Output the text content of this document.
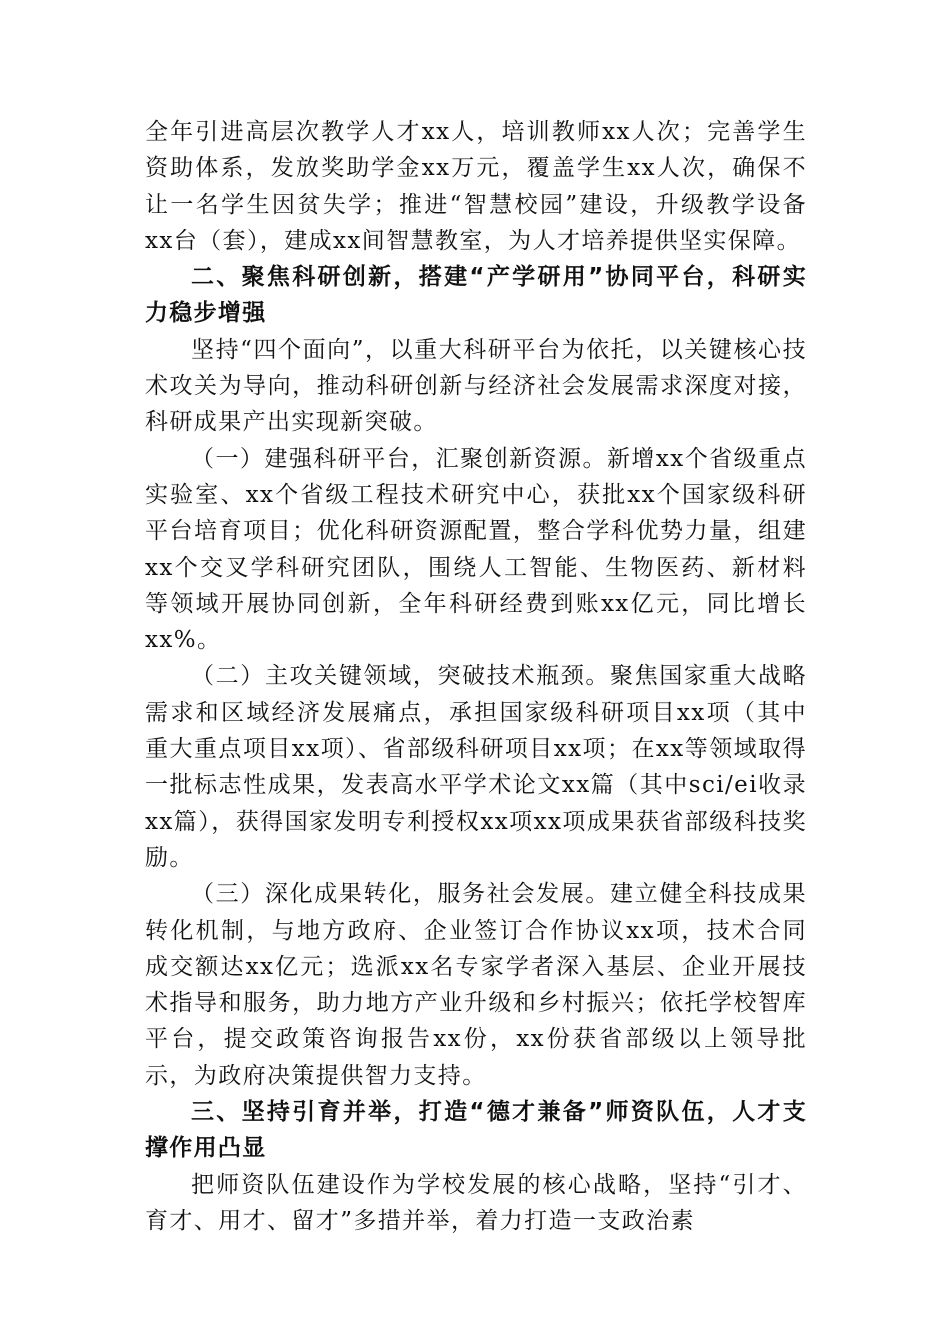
全年引进高层次教学人才xx人，培训教师xx人次；完善学生资助体系，发放奖助学金xx万元，覆盖学生xx人次，确保不让一名学生因贫失学；推进“智慧校园”建设，升级教学设备xx台（套），建成xx间智慧教室，为人才培养提供坚实保障。

二、聚焦科研创新，搭建“产学研用”协同平台，科研实力稳步增强

坚持“四个面向”，以重大科研平台为依托，以关键核心技术攻关为导向，推动科研创新与经济社会发展需求深度对接，科研成果产出实现新突破。

（一）建强科研平台，汇聚创新资源。新增xx个省级重点实验室、xx个省级工程技术研究中心，获批xx个国家级科研平台培育项目；优化科研资源配置，整合学科优势力量，组建xx个交叉学科研究团队，围绕人工智能、生物医药、新材料等领域开展协同创新，全年科研经费到账xx亿元，同比增长xx%。

（二）主攻关键领域，突破技术瓶颈。聚焦国家重大战略需求和区域经济发展痛点，承担国家级科研项目xx项（其中重大重点项目xx项）、省部级科研项目xx项；在xx等领域取得一批标志性成果，发表高水平学术论文xx篇（其中sci/ei收录xx篇），获得国家发明专利授权xx项xx项成果获省部级科技奖励。

（三）深化成果转化，服务社会发展。建立健全科技成果转化机制，与地方政府、企业签订合作协议xx项，技术合同成交额达xx亿元；选派xx名专家学者深入基层、企业开展技术指导和服务，助力地方产业升级和乡村振兴；依托学校智库平台，提交政策咨询报告xx份，xx份获省部级以上领导批示，为政府决策提供智力支持。

三、坚持引育并举，打造“德才兼备”师资队伍，人才支撑作用凸显

把师资队伍建设作为学校发展的核心战略，坚持“引才、育才、用才、留才”多措并举，着力打造一支政治素
